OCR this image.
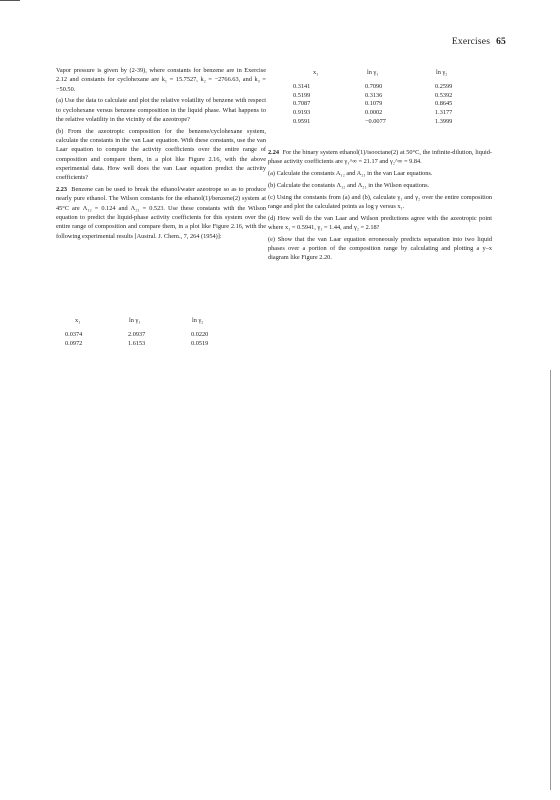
Exercises 65
x₁	ln γ₁	ln γ₂
0.3141	0.7090	0.2599
0.5199	0.3136	0.5392
0.7087	0.1079	0.8645
0.9193	0.0002	1.3177
0.9591	−0.0077	1.3999

Vapor pressure is given by (2-39), where constants for benzene are in Exercise 2.12 and constants for cyclohexane are k₁ = 15.7527, k₂ = −2766.63, and k₃ = −50.50.

(a) Use the data to calculate and plot the relative volatility of benzene with respect to cyclohexane versus benzene composition in the liquid phase. What happens to the relative volatility in the vicinity of the azeotrope?

(b) From the azeotropic composition for the benzene/cyclohexane system, calculate the constants in the van Laar equation. With these constants, use the van Laar equation to compute the activity coefficients over the entire range of composition and compare them, in a plot like Figure 2.16, with the above experimental data. How well does the van Laar equation predict the activity coefficients?

2.23 Benzene can be used to break the ethanol/water azeotrope so as to produce nearly pure ethanol. The Wilson constants for the ethanol(1)/benzene(2) system at 45°C are Λ₁₂ = 0.124 and Λ₂₁ = 0.523. Use these constants with the Wilson equation to predict the liquid-phase activity coefficients for this system over the entire range of composition and compare them, in a plot like Figure 2.16, with the following experimental results [Austral. J. Chem., 7, 264 (1954)]:

x₁	ln γ₁	ln γ₂
0.0374	2.0937	0.0220
0.0972	1.6153	0.0519

2.24 For the binary system ethanol(1)/isooctane(2) at 50°C, the infinite-dilution, liquid-phase activity coefficients are γ₁^∞ = 21.17 and γ₂^∞ = 9.84.

(a) Calculate the constants A₁₂ and A₂₁ in the van Laar equations.

(b) Calculate the constants Λ₁₂ and Λ₂₁ in the Wilson equations.

(c) Using the constants from (a) and (b), calculate γ₁ and γ₂ over the entire composition range and plot the calculated points as log γ versus x₁.

(d) How well do the van Laar and Wilson predictions agree with the azeotropic point where x₁ = 0.5941, γ₁ = 1.44, and γ₂ = 2.18?

(e) Show that the van Laar equation erroneously predicts separation into two liquid phases over a portion of the composition range by calculating and plotting a y–x diagram like Figure 2.20.
